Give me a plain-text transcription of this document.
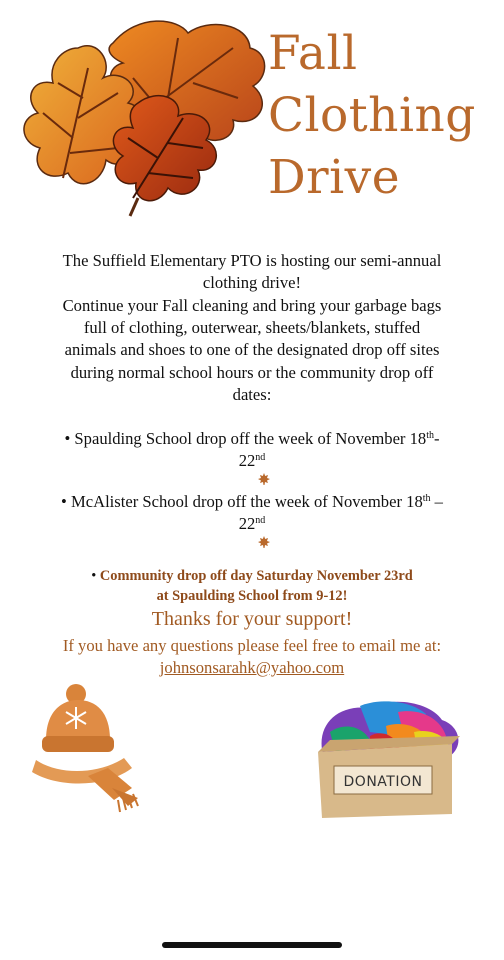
Fall
Clothing
Drive
The Suffield Elementary PTO is hosting our semi-annual
clothing drive!
Continue your Fall cleaning and bring your garbage bags
full of clothing, outerwear, sheets/blankets, stuffed
animals and shoes to one of the designated drop off sites
during normal school hours or the community drop off
dates:
• Spaulding School drop off the week of November 18th-
22nd
• McAlister School drop off the week of November 18th –
22nd
• Community drop off day Saturday November 23rd
at Spaulding School from 9-12!
Thanks for your support!
If you have any questions please feel free to email me at:
johnsonsarahk@yahoo.com
DONATION
